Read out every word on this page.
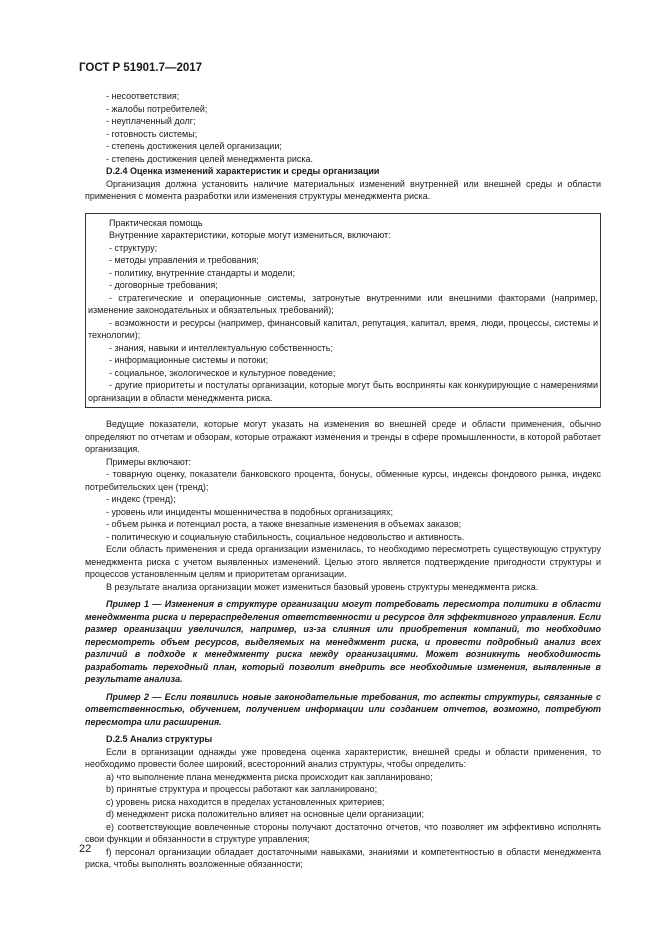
ГОСТ Р 51901.7—2017

- несоответствия;

- жалобы потребителей;

- неуплаченный долг;

- готовность системы;

- степень достижения целей организации;

- степень достижения целей менеджмента риска.

D.2.4 Оценка изменений характеристик и среды организации

Организация должна установить наличие материальных изменений внутренней или внешней среды и области применения с момента разработки или изменения структуры менеджмента риска.

Практическая помощь

Внутренние характеристики, которые могут измениться, включают:

- структуру;

- методы управления и требования;

- политику, внутренние стандарты и модели;

- договорные требования;

- стратегические и операционные системы, затронутые внутренними или внешними факторами (например, изменение законодательных и обязательных требований);

- возможности и ресурсы (например, финансовый капитал, репутация, капитал, время, люди, процессы, системы и технологии);

- знания, навыки и интеллектуальную собственность;

- информационные системы и потоки;

- социальное, экологическое и культурное поведение;

- другие приоритеты и постулаты организации, которые могут быть восприняты как конкурирующие с намерениями организации в области менеджмента риска.

Ведущие показатели, которые могут указать на изменения во внешней среде и области применения, обычно определяют по отчетам и обзорам, которые отражают изменения и тренды в сфере промышленности, в которой работает организация.

Примеры включают:

- товарную оценку, показатели банковского процента, бонусы, обменные курсы, индексы фондового рынка, индекс потребительских цен (тренд);

- индекс (тренд);

- уровень или инциденты мошенничества в подобных организациях;

- объем рынка и потенциал роста, а также внезапные изменения в объемах заказов;

- политическую и социальную стабильность, социальное недовольство и активность.

Если область применения и среда организации изменилась, то необходимо пересмотреть существующую структуру менеджмента риска с учетом выявленных изменений. Целью этого является подтверждение пригодности структуры и процессов установленным целям и приоритетам организации.

В результате анализа организации может измениться базовый уровень структуры менеджмента риска.

Пример 1 — Изменения в структуре организации могут потребовать пересмотра политики в области менеджмента риска и перераспределения ответственности и ресурсов для эффективного управления. Если размер организации увеличился, например, из-за слияния или приобретения компаний, то необходимо пересмотреть объем ресурсов, выделяемых на менеджмент риска, и провести подробный анализ всех различий в подходе к менеджменту риска между организациями. Может возникнуть необходимость разработать переходный план, который позволит внедрить все необходимые изменения, выявленные в результате анализа.

Пример 2 — Если появились новые законодательные требования, то аспекты структуры, связанные с ответственностью, обучением, получением информации или созданием отчетов, возможно, потребуют пересмотра или расширения.

D.2.5 Анализ структуры

Если в организации однажды уже проведена оценка характеристик, внешней среды и области применения, то необходимо провести более широкий, всесторонний анализ структуры, чтобы определить:

a) что выполнение плана менеджмента риска происходит как запланировано;

b) принятые структура и процессы работают как запланировано;

c) уровень риска находится в пределах установленных критериев;

d) менеджмент риска положительно влияет на основные цели организации;

e) соответствующие вовлеченные стороны получают достаточно отчетов, что позволяет им эффективно исполнять свои функции и обязанности в структуре управления;

f) персонал организации обладает достаточными навыками, знаниями и компетентностью в области менеджмента риска, чтобы выполнять возложенные обязанности;

22
